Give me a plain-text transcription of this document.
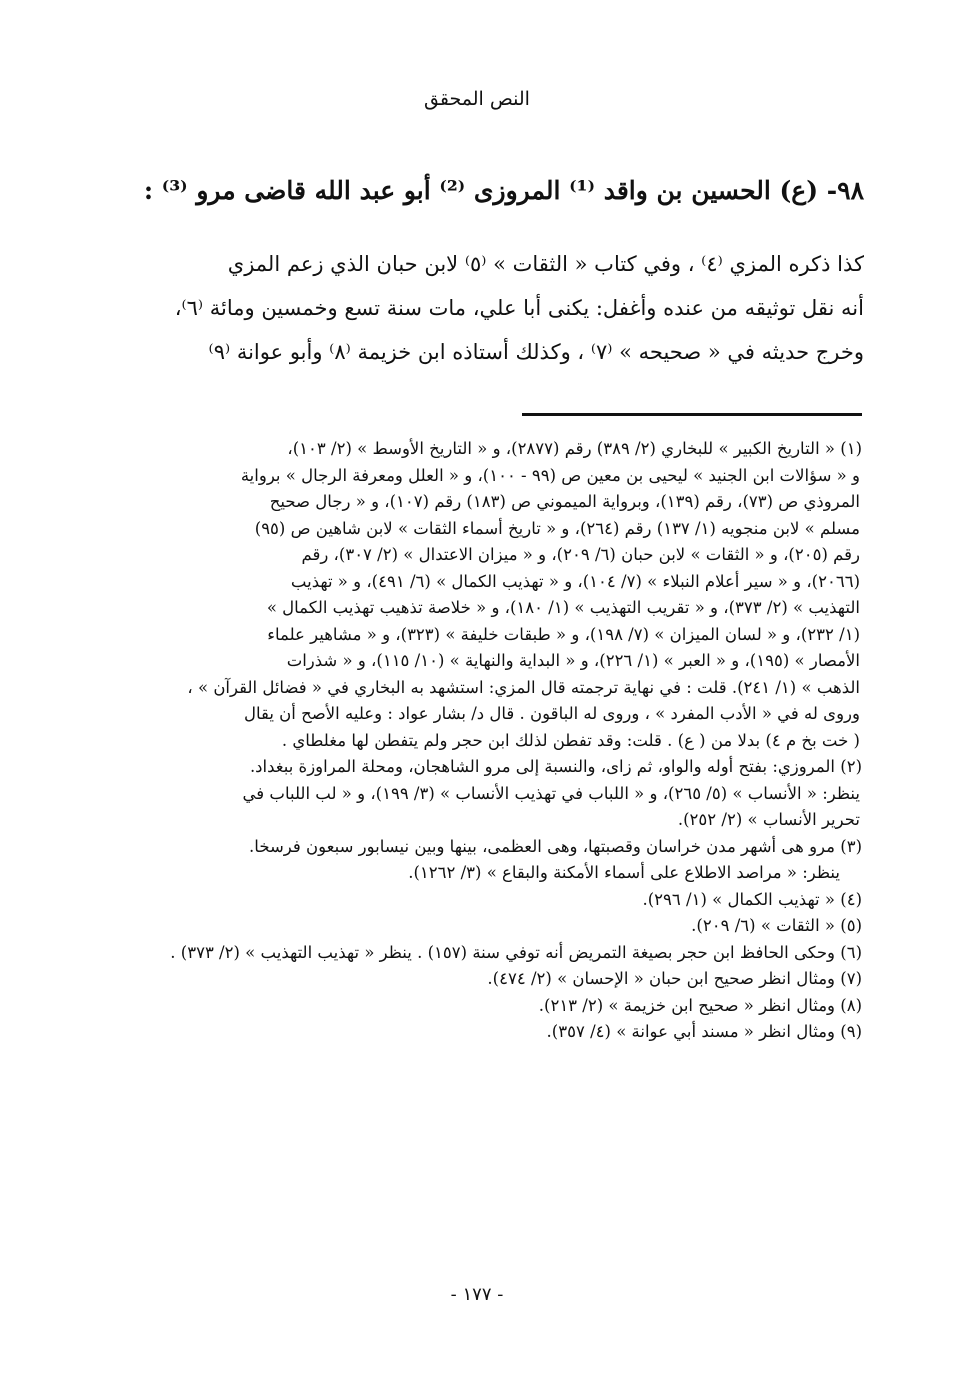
النص المحقق
٩٨- (ع) الحسين بن واقد ⁽¹⁾ المروزى ⁽²⁾ أبو عبد الله قاضى مرو ⁽³⁾ :
كذا ذكره المزي ⁽٤⁾ ، وفي كتاب « الثقات » ⁽٥⁾ لابن حبان الذي زعم المزي
أنه نقل توثيقه من عنده وأغفل: يكنى أبا علي، مات سنة تسع وخمسين ومائة ⁽٦⁾،
وخرج حديثه في « صحيحه » ⁽٧⁾ ، وكذلك أستاذه ابن خزيمة ⁽٨⁾ وأبو عوانة ⁽٩⁾
(١) « التاريخ الكبير » للبخاري (٢/ ٣٨٩) رقم (٢٨٧٧)، و « التاريخ الأوسط » (٢/ ١٠٣)،
و « سؤالات ابن الجنيد » ليحيى بن معين ص (٩٩ - ١٠٠)، و « العلل ومعرفة الرجال » برواية
المروذي ص (٧٣)، رقم (١٣٩)، وبرواية الميموني ص (١٨٣) رقم (١٠٧)، و « رجال صحيح
مسلم » لابن منجويه (١/ ١٣٧) رقم (٢٦٤)، و « تاريخ أسماء الثقات » لابن شاهين ص (٩٥)
رقم (٢٠٥)، و « الثقات » لابن حبان (٦/ ٢٠٩)، و « ميزان الاعتدال » (٢/ ٣٠٧)، رقم
(٢٠٦٦)، و « سير أعلام النبلاء » (٧/ ١٠٤)، و « تهذيب الكمال » (٦/ ٤٩١)، و « تهذيب
التهذيب » (٢/ ٣٧٣)، و « تقريب التهذيب » (١/ ١٨٠)، و « خلاصة تذهيب تهذيب الكمال »
(١/ ٢٣٢)، و « لسان الميزان » (٧/ ١٩٨)، و « طبقات خليفة » (٣٢٣)، و « مشاهير علماء
الأمصار » (١٩٥)، و « العبر » (١/ ٢٢٦)، و « البداية والنهاية » (١٠/ ١١٥)، و « شذرات
الذهب » (١/ ٢٤١). قلت : في نهاية ترجمته قال المزي: استشهد به البخاري في « فضائل القرآن » ،
وروى له في « الأدب المفرد » ، وروى له الباقون . قال د/ بشار عواد : وعليه الأصح أن يقال
( خت بخ م ٤) بدلا من ( ع) . قلت: وقد تفطن لذلك ابن حجر ولم يتفطن لها مغلطاي .
(٢) المروزي: بفتح أوله والواو، ثم زاى، والنسبة إلى مرو الشاهجان، ومحلة المراوزة ببغداد.
ينظر: « الأنساب » (٥/ ٢٦٥)، و « اللباب في تهذيب الأنساب » (٣/ ١٩٩)، و « لب اللباب في
تحرير الأنساب » (٢/ ٢٥٢).
(٣) مرو هى أشهر مدن خراسان وقصبتها، وهى العظمى، بينها وبين نيسابور سبعون فرسخا.
ينظر: « مراصد الاطلاع على أسماء الأمكنة والبقاع » (٣/ ١٢٦٢).
(٤) « تهذيب الكمال » (١/ ٢٩٦).
(٥) « الثقات » (٦/ ٢٠٩).
(٦) وحكى الحافظ ابن حجر بصيغة التمريض أنه توفي سنة (١٥٧) . ينظر « تهذيب التهذيب » (٢/ ٣٧٣) .
(٧) ومثال انظر صحيح ابن حبان « الإحسان » (٢/ ٤٧٤).
(٨) ومثال انظر « صحيح ابن خزيمة » (٢/ ٢١٣).
(٩) ومثال انظر « مسند أبي عوانة » (٤/ ٣٥٧).
- ١٧٧ -
